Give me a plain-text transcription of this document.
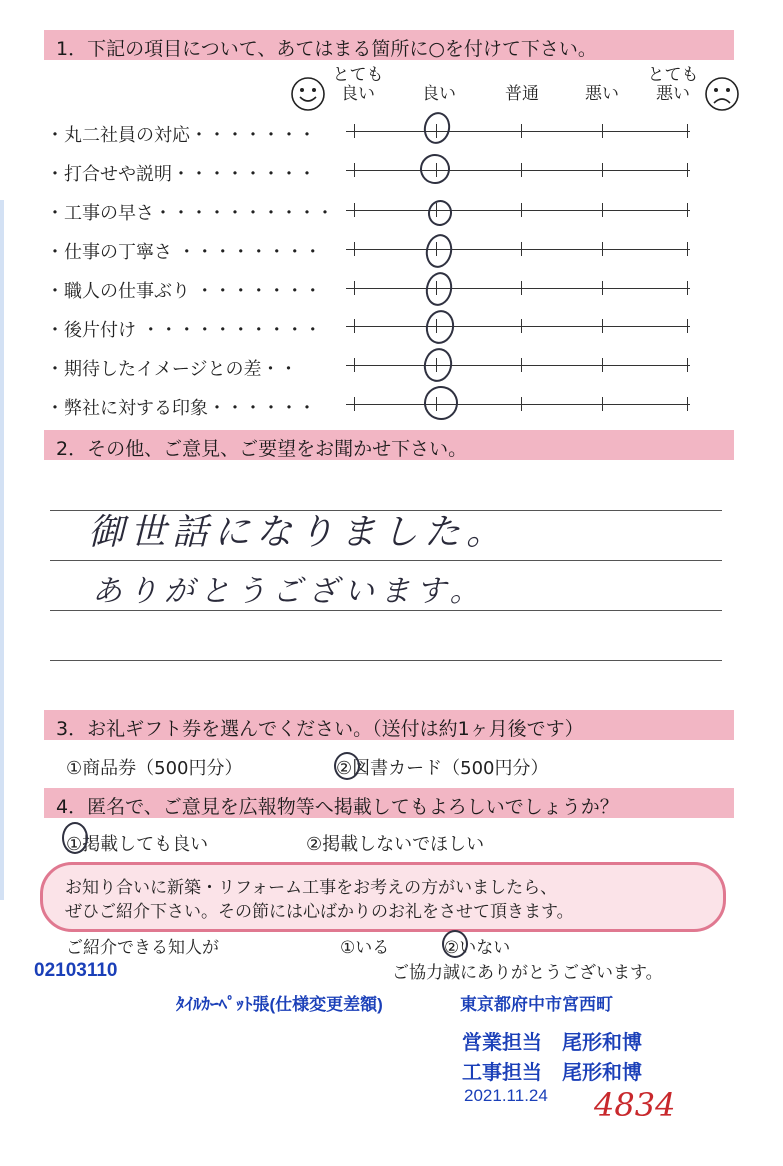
1．下記の項目について、あてはまる箇所に○を付けて下さい。
とても
良い	良い	普通	悪い
とても
悪い
・丸二社員の対応・・・・・・・
・打合せや説明・・・・・・・・
・工事の早さ・・・・・・・・・・
・仕事の丁寧さ ・・・・・・・・
・職人の仕事ぶり ・・・・・・・
・後片付け ・・・・・・・・・・
・期待したイメージとの差・・
・弊社に対する印象・・・・・・
2．その他、ご意見、ご要望をお聞かせ下さい。
御世話になりました。
ありがとうございます。
3．お礼ギフト券を選んでください。（送付は約1ヶ月後です）
①商品券（500円分）	②図書カード（500円分）
4．匿名で、ご意見を広報物等へ掲載してもよろしいでしょうか？
①掲載しても良い	②掲載しないでほしい
お知り合いに新築・リフォーム工事をお考えの方がいましたら、
ぜひご紹介下さい。その節には心ばかりのお礼をさせて頂きます。
ご紹介できる知人が	①いる	②いない
ご協力誠にありがとうございます。
02103110
ﾀｲﾙｶｰﾍﾟｯﾄ張(仕様変更差額)	東京都府中市宮西町
営業担当　尾形和博
工事担当　尾形和博
2021.11.24 4834
